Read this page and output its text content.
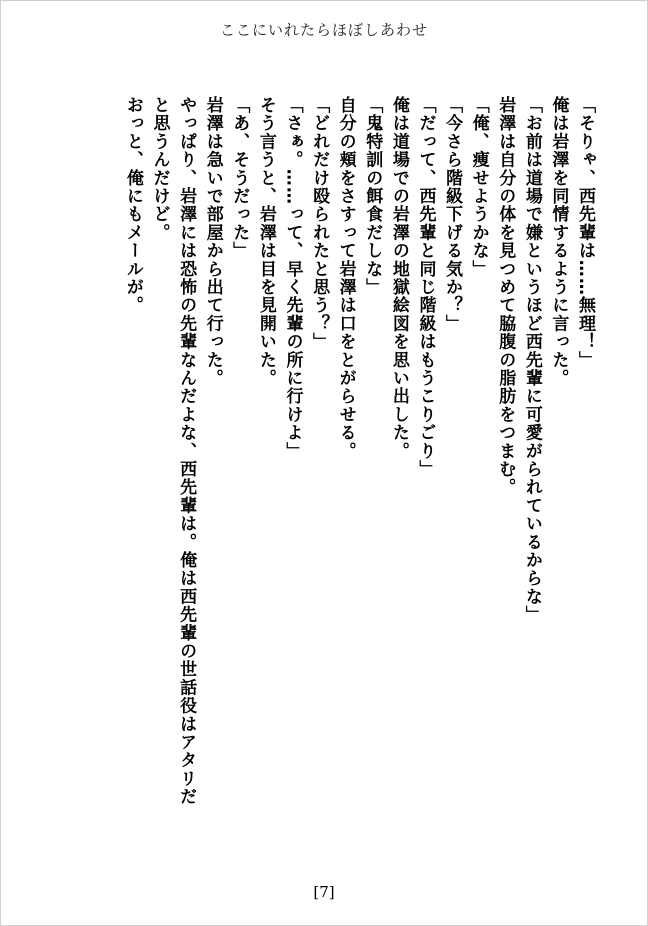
ここにいれたらほぼしあわせ

「そりゃ、西先輩は……無理！」

俺は岩澤を同情するように言った。

「お前は道場で嫌というほど西先輩に可愛がられているからな」

岩澤は自分の体を見つめて脇腹の脂肪をつまむ。

「俺、痩せようかな」

「今さら階級下げる気か？」

「だって、西先輩と同じ階級はもうこりごり」

俺は道場での岩澤の地獄絵図を思い出した。

「鬼特訓の餌食だしな」

自分の頬をさすって岩澤は口をとがらせる。

「どれだけ殴られたと思う？」

「さぁ。……って、早く先輩の所に行けよ」

そう言うと、岩澤は目を見開いた。

「あ、そうだった」

岩澤は急いで部屋から出て行った。

やっぱり、岩澤には恐怖の先輩なんだよな、西先輩は。俺は西先輩の世話役はアタリだ

と思うんだけど。

おっと、俺にもメールが。

[7]
